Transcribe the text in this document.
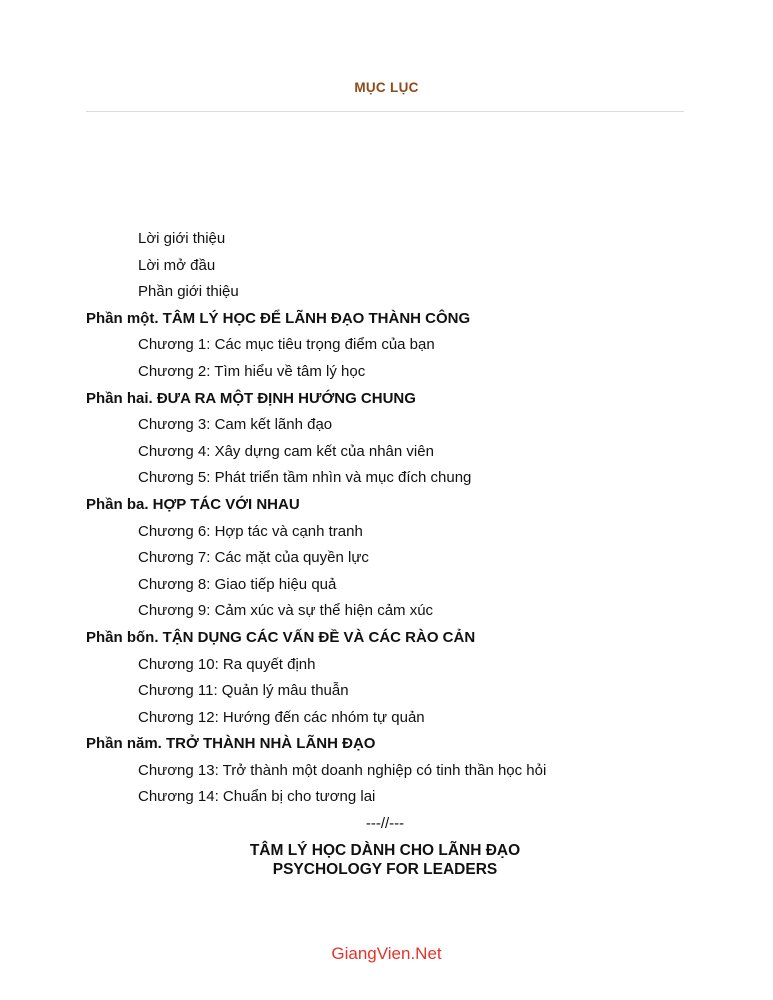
MỤC LỤC
Lời giới thiệu
Lời mở đầu
Phần giới thiệu
Phần một. TÂM LÝ HỌC ĐỂ LÃNH ĐẠO THÀNH CÔNG
Chương 1: Các mục tiêu trọng điểm của bạn
Chương 2: Tìm hiểu về tâm lý học
Phần hai. ĐƯA RA MỘT ĐỊNH HƯỚNG CHUNG
Chương 3: Cam kết lãnh đạo
Chương 4: Xây dựng cam kết của nhân viên
Chương 5: Phát triển tầm nhìn và mục đích chung
Phần ba. HỢP TÁC VỚI NHAU
Chương 6: Hợp tác và cạnh tranh
Chương 7: Các mặt của quyền lực
Chương 8: Giao tiếp hiệu quả
Chương 9: Cảm xúc và sự thể hiện cảm xúc
Phần bốn. TẬN DỤNG CÁC VẤN ĐỀ VÀ CÁC RÀO CẢN
Chương 10: Ra quyết định
Chương 11: Quản lý mâu thuẫn
Chương 12: Hướng đến các nhóm tự quản
Phần năm. TRỞ THÀNH NHÀ LÃNH ĐẠO
Chương 13: Trở thành một doanh nghiệp có tinh thần học hỏi
Chương 14: Chuẩn bị cho tương lai
---//---
TÂM LÝ HỌC DÀNH CHO LÃNH ĐẠO
PSYCHOLOGY FOR LEADERS
GiangVien.Net
